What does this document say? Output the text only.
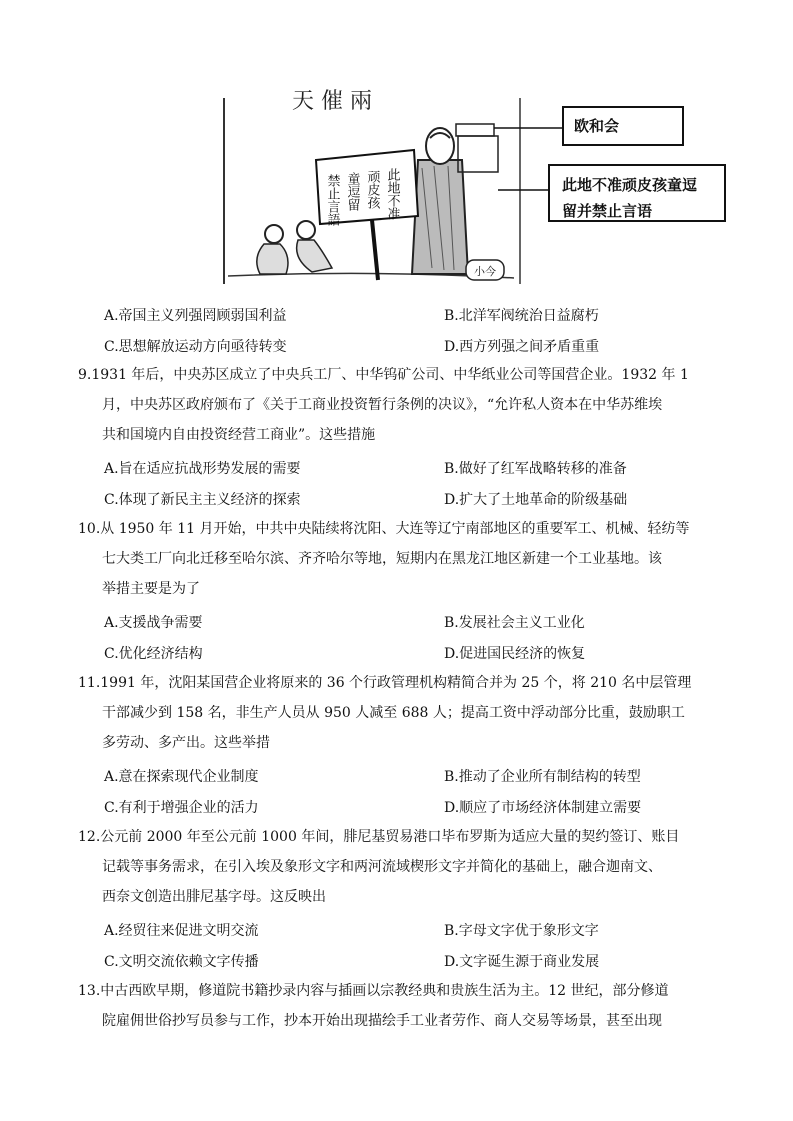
天 催 兩
此地不准
顽皮孩
童逗留
禁止言語
小今
欧和会
此地不准顽皮孩童逗
留并禁止言语
A.帝国主义列强罔顾弱国利益	B.北洋军阀统治日益腐朽
C.思想解放运动方向亟待转变	D.西方列强之间矛盾重重
9.1931 年后，中央苏区成立了中央兵工厂、中华钨矿公司、中华纸业公司等国营企业。1932 年 1
月，中央苏区政府颁布了《关于工商业投资暂行条例的决议》，“允许私人资本在中华苏维埃
共和国境内自由投资经营工商业”。这些措施
A.旨在适应抗战形势发展的需要	B.做好了红军战略转移的准备
C.体现了新民主主义经济的探索	D.扩大了土地革命的阶级基础
10.从 1950 年 11 月开始，中共中央陆续将沈阳、大连等辽宁南部地区的重要军工、机械、轻纺等
七大类工厂向北迁移至哈尔滨、齐齐哈尔等地，短期内在黑龙江地区新建一个工业基地。该
举措主要是为了
A.支援战争需要	B.发展社会主义工业化
C.优化经济结构	D.促进国民经济的恢复
11.1991 年，沈阳某国营企业将原来的 36 个行政管理机构精简合并为 25 个，将 210 名中层管理
干部减少到 158 名，非生产人员从 950 人减至 688 人；提高工资中浮动部分比重，鼓励职工
多劳动、多产出。这些举措
A.意在探索现代企业制度	B.推动了企业所有制结构的转型
C.有利于增强企业的活力	D.顺应了市场经济体制建立需要
12.公元前 2000 年至公元前 1000 年间，腓尼基贸易港口毕布罗斯为适应大量的契约签订、账目
记载等事务需求，在引入埃及象形文字和两河流域楔形文字并简化的基础上，融合迦南文、
西奈文创造出腓尼基字母。这反映出
A.经贸往来促进文明交流	B.字母文字优于象形文字
C.文明交流依赖文字传播	D.文字诞生源于商业发展
13.中古西欧早期，修道院书籍抄录内容与插画以宗教经典和贵族生活为主。12 世纪，部分修道
院雇佣世俗抄写员参与工作，抄本开始出现描绘手工业者劳作、商人交易等场景，甚至出现
